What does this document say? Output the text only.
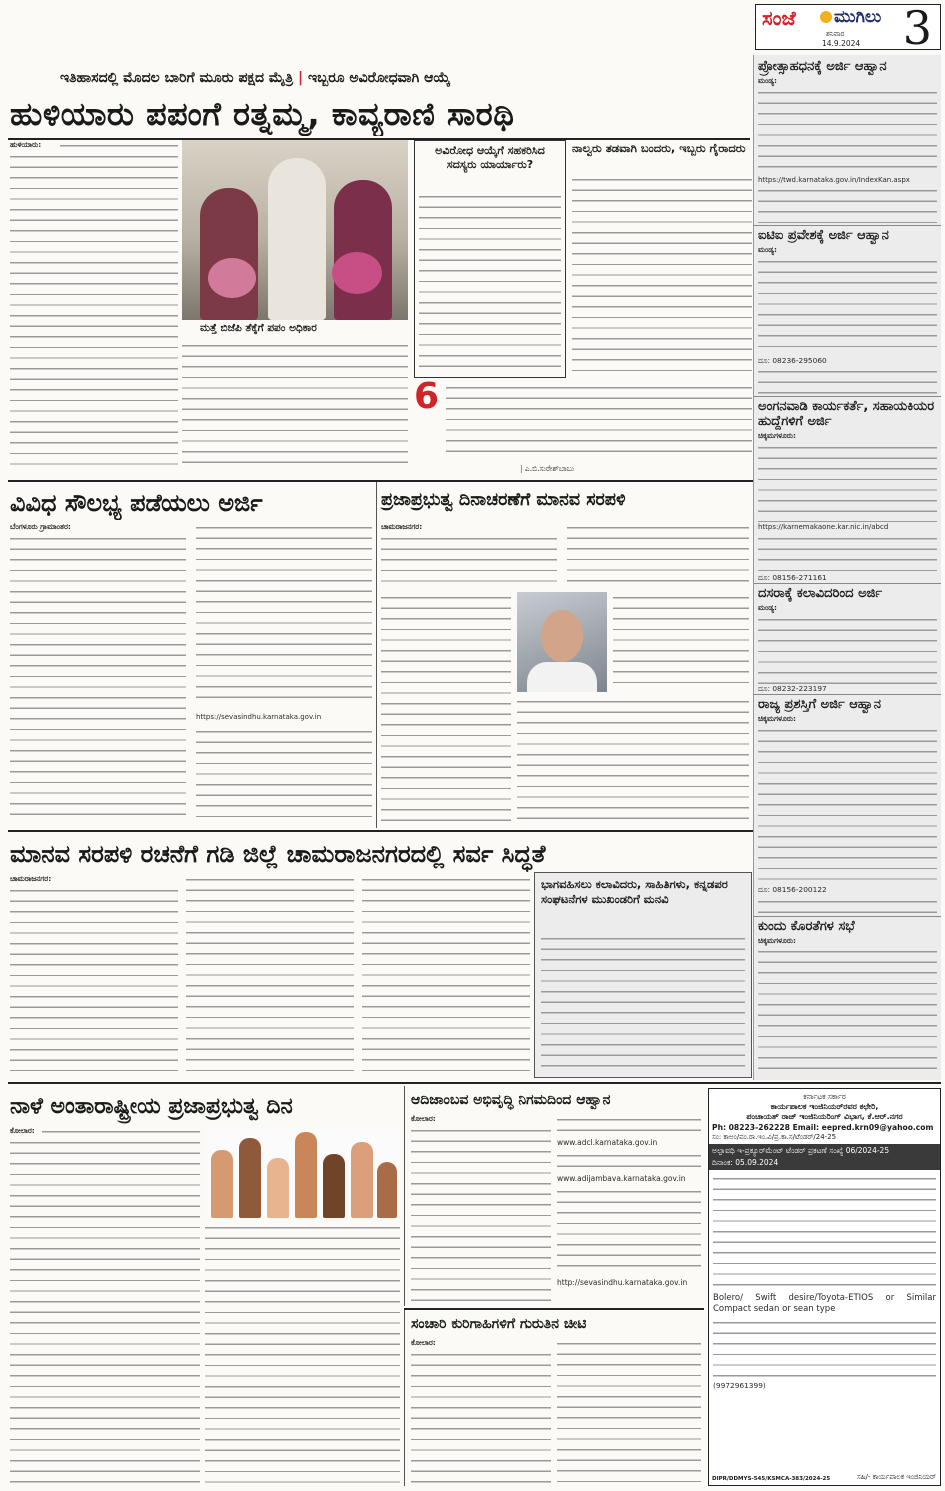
ಸಂಜೆ ಮುಗಿಲು
ಶನಿವಾರ
14.9.2024 3
ಇತಿಹಾಸದಲ್ಲಿ ಮೊದಲ ಬಾರಿಗೆ ಮೂರು ಪಕ್ಷದ ಮೈತ್ರಿ | ಇಬ್ಬರೂ ಅವಿರೋಧವಾಗಿ ಆಯ್ಕೆ
ಹುಳಿಯಾರು ಪಪಂಗೆ ರತ್ನಮ್ಮ, ಕಾವ್ಯರಾಣಿ ಸಾರಥಿ
ಹುಳಿಯಾರು:
ಮತ್ತೆ ಬಿಜೆಪಿ ತೆಕ್ಕೆಗೆ ಪಪಂ ಅಧಿಕಾರ
ಅವಿರೋಧ ಆಯ್ಕೆಗೆ ಸಹಕರಿಸಿದ ಸದಸ್ಯರು ಯಾರ್ಯಾರು?
ನಾಲ್ವರು ತಡವಾಗಿ ಬಂದರು, ಇಬ್ಬರು ಗೈರಾದರು
6
| ಎ.ಬಿ.ಸುರೇಶ್‌ಬಾಬು
ಪ್ರೋತ್ಸಾಹಧನಕ್ಕೆ ಅರ್ಜಿ ಆಹ್ವಾನ
ಮಂಡ್ಯ:
https://twd.karnataka.gov.in/IndexKan.aspx
ಐಟಿಐ ಪ್ರವೇಶಕ್ಕೆ ಅರ್ಜಿ ಆಹ್ವಾನ
ಮಂಡ್ಯ:
ದೂ: 08236-295060
ಅಂಗನವಾಡಿ ಕಾರ್ಯಕರ್ತೆ, ಸಹಾಯಕಿಯರ ಹುದ್ದೆಗಳಿಗೆ ಅರ್ಜಿ
ಚಿಕ್ಕಮಗಳೂರು:
https://karnemakaone.kar.nic.in/abcd
ದೂ: 08156-271161
ದಸರಾಕ್ಕೆ ಕಲಾವಿದರಿಂದ ಅರ್ಜಿ
ಮಂಡ್ಯ:
ದೂ: 08232-223197
ರಾಜ್ಯ ಪ್ರಶಸ್ತಿಗೆ ಅರ್ಜಿ ಆಹ್ವಾನ
ಚಿಕ್ಕಮಗಳೂರು:
ದೂ: 08156-200122
ಕುಂದು ಕೊರತೆಗಳ ಸಭೆ
ಚಿಕ್ಕಮಗಳೂರು:
ವಿವಿಧ ಸೌಲಭ್ಯ ಪಡೆಯಲು ಅರ್ಜಿ
ಬೆಂಗಳೂರು ಗ್ರಾಮಾಂತರ:
https://sevasindhu.karnataka.gov.in
ಪ್ರಜಾಪ್ರಭುತ್ವ ದಿನಾಚರಣೆಗೆ ಮಾನವ ಸರಪಳಿ
ಚಾಮರಾಜನಗರ:
ಮಾನವ ಸರಪಳಿ ರಚನೆಗೆ ಗಡಿ ಜಿಲ್ಲೆ ಚಾಮರಾಜನಗರದಲ್ಲಿ ಸರ್ವ ಸಿದ್ಧತೆ
ಚಾಮರಾಜನಗರ:	ಭಾಗವಹಿಸಲು ಕಲಾವಿದರು, ಸಾಹಿತಿಗಳು, ಕನ್ನಡಪರ ಸಂಘಟನೆಗಳ ಮುಖಂಡರಿಗೆ ಮನವಿ
ನಾಳೆ ಅಂತಾರಾಷ್ಟ್ರೀಯ ಪ್ರಜಾಪ್ರಭುತ್ವ ದಿನ
ಕೋಲಾರ:
ಆದಿಜಾಂಬವ ಅಭಿವೃದ್ಧಿ ನಿಗಮದಿಂದ ಆಹ್ವಾನ
ಕೋಲಾರ:
www.adcl.karnataka.gov.in
www.adijambava.karnataka.gov.in
http://sevasindhu.karnataka.gov.in
ಸಂಚಾರಿ ಕುರಿಗಾಹಿಗಳಿಗೆ ಗುರುತಿನ ಚೀಟಿ
ಕೋಲಾರ:
ಕರ್ನಾಟಕ ಸರ್ಕಾರ
ಕಾರ್ಯಪಾಲಕ ಇಂಜಿನಿಯರ್‌ರವರ ಕಛೇರಿ,
ಪಂಚಾಯತ್ ರಾಜ್ ಇಂಜಿನಿಯರಿಂಗ್ ವಿಭಾಗ, ಕೆ.ಆರ್.ನಗರ
Ph: 08223-262228 Email: eepred.krn09@yahoo.com
ಸಂ: ಕಾಅಂ/ಪಂ.ರಾ.ಇಂ.ವಿ/ಪ್ರ.ಕಾ.ಸ/ಟೆಂಡರ್/24-25
ಅಲ್ಪಾವಧಿ ಇ-ಪ್ರಕ್ಯೂರ್‌ಮೆಂಟ್ ಟೆಂಡರ್ ಪ್ರಕಟಣೆ ಸಂಖ್ಯೆ 06/2024-25
ದಿನಾಂಕ: 05.09.2024
Bolero/ Swift desire/Toyota-ETIOS or Similar Compact sedan or sean type
(9972961399)
DIPR/DDMYS-545/KSMCA-383/2024-25	ಸಹಿ/- ಕಾರ್ಯಪಾಲಕ ಇಂಜಿನಿಯರ್
